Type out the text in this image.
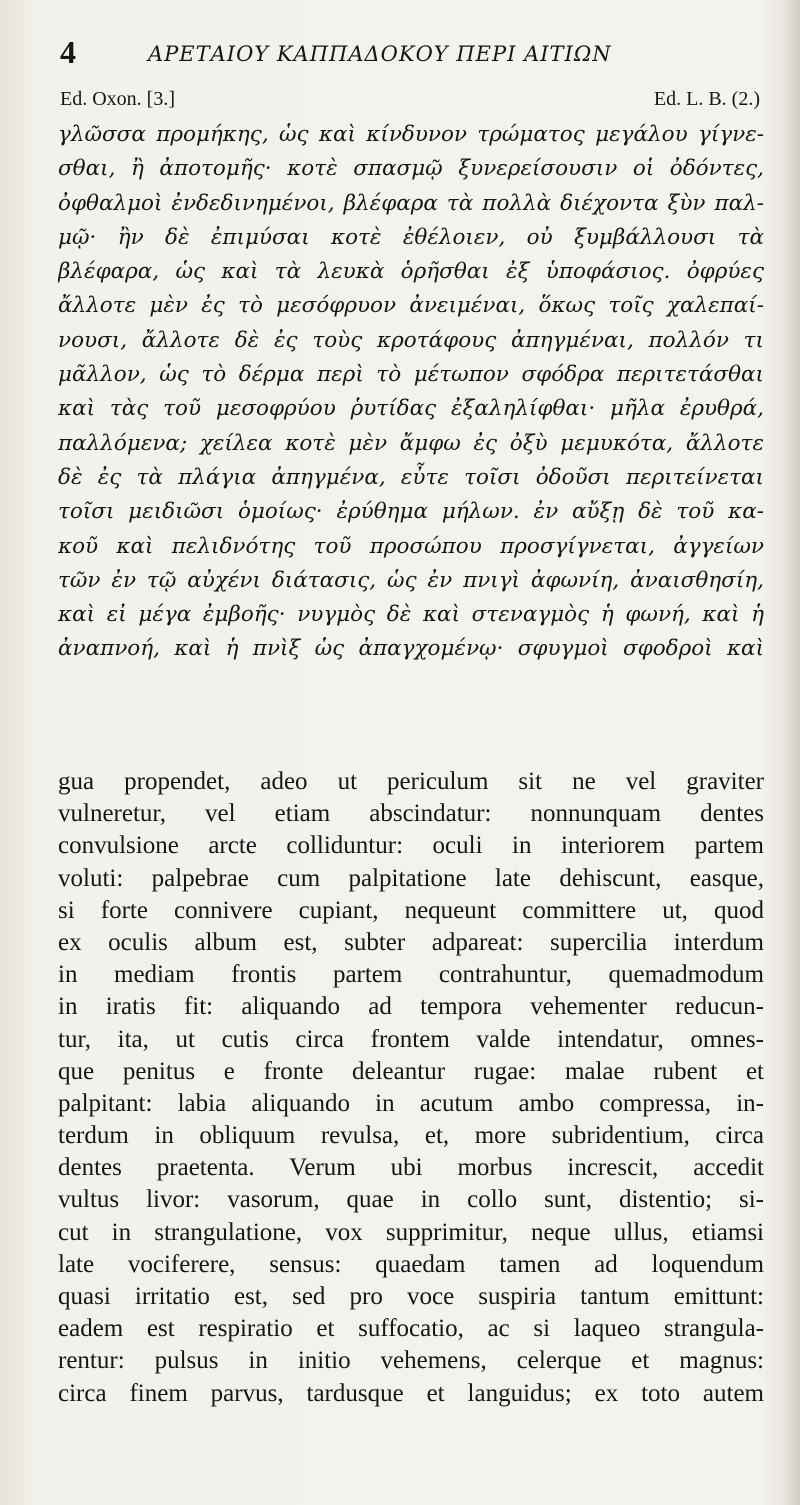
4	ΑΡΕΤΑΙΟΥ ΚΑΠΠΑΔΟΚΟΥ ΠΕΡΙ ΑΙΤΙΩΝ
Ed. Oxon. [3.]	Ed. L. B. (2.)
γλῶσσα προμήκης, ὡς καὶ κίνδυνον τρώματος μεγάλου γίγνε-
σθαι, ἢ ἀποτομῆς· κοτὲ σπασμῷ ξυνερείσουσιν οἱ ὀδόντες,
ὀφθαλμοὶ ἐνδεδινημένοι, βλέφαρα τὰ πολλὰ διέχοντα ξὺν παλ-
μῷ· ἢν δὲ ἐπιμύσαι κοτὲ ἐθέλοιεν, οὐ ξυμβάλλουσι τὰ
βλέφαρα, ὡς καὶ τὰ λευκὰ ὁρῆσθαι ἐξ ὑποφάσιος. ὀφρύες
ἄλλοτε μὲν ἐς τὸ μεσόφρυον ἀνειμέναι, ὅκως τοῖς χαλεπαί-
νουσι, ἄλλοτε δὲ ἐς τοὺς κροτάφους ἀπηγμέναι, πολλόν τι
μᾶλλον, ὡς τὸ δέρμα περὶ τὸ μέτωπον σφόδρα περιτετάσθαι
καὶ τὰς τοῦ μεσοφρύου ῥυτίδας ἐξαληλίφθαι· μῆλα ἐρυθρά,
παλλόμενα; χείλεα κοτὲ μὲν ἄμφω ἐς ὀξὺ μεμυκότα, ἄλλοτε
δὲ ἐς τὰ πλάγια ἀπηγμένα, εὖτε τοῖσι ὀδοῦσι περιτείνεται
τοῖσι μειδιῶσι ὁμοίως· ἐρύθημα μήλων. ἐν αὔξῃ δὲ τοῦ κα-
κοῦ καὶ πελιδνότης τοῦ προσώπου προσγίγνεται, ἀγγείων
τῶν ἐν τῷ αὐχένι διάτασις, ὡς ἐν πνιγὶ ἀφωνίη, ἀναισθησίη,
καὶ εἰ μέγα ἐμβοῆς· νυγμὸς δὲ καὶ στεναγμὸς ἡ φωνή, καὶ ἡ
ἀναπνοή, καὶ ἡ πνὶξ ὡς ἀπαγχομένῳ· σφυγμοὶ σφοδροὶ καὶ
gua propendet, adeo ut periculum sit ne vel graviter
vulneretur, vel etiam abscindatur: nonnunquam dentes
convulsione arcte colliduntur: oculi in interiorem partem
voluti: palpebrae cum palpitatione late dehiscunt, easque,
si forte connivere cupiant, nequeunt committere ut, quod
ex oculis album est, subter adpareat: supercilia interdum
in mediam frontis partem contrahuntur, quemadmodum
in iratis fit: aliquando ad tempora vehementer reducun-
tur, ita, ut cutis circa frontem valde intendatur, omnes-
que penitus e fronte deleantur rugae: malae rubent et
palpitant: labia aliquando in acutum ambo compressa, in-
terdum in obliquum revulsa, et, more subridentium, circa
dentes praetenta. Verum ubi morbus increscit, accedit
vultus livor: vasorum, quae in collo sunt, distentio; si-
cut in strangulatione, vox supprimitur, neque ullus, etiamsi
late vociferere, sensus: quaedam tamen ad loquendum
quasi irritatio est, sed pro voce suspiria tantum emittunt:
eadem est respiratio et suffocatio, ac si laqueo strangula-
rentur: pulsus in initio vehemens, celerque et magnus:
circa finem parvus, tardusque et languidus; ex toto autem
